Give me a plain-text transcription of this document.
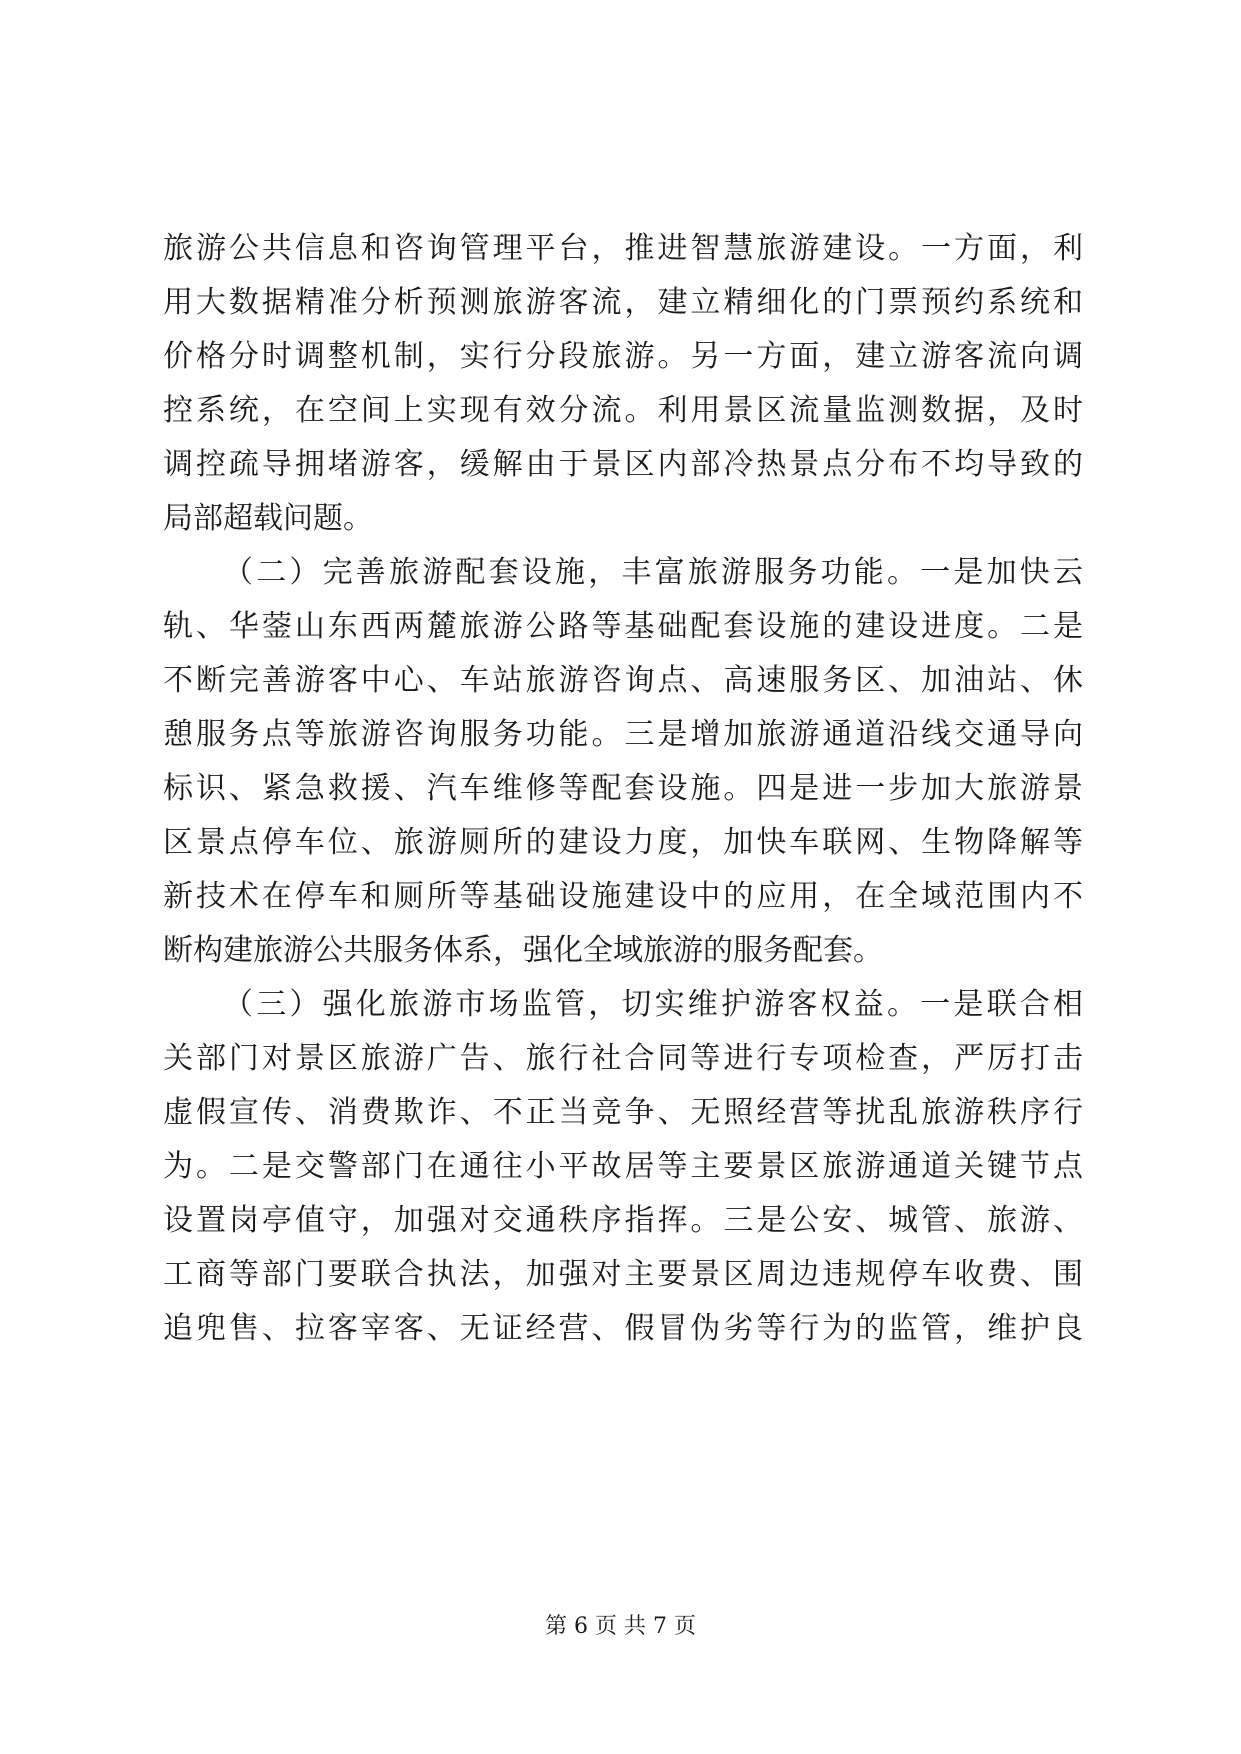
旅游公共信息和咨询管理平台，推进智慧旅游建设。一方面，利
用大数据精准分析预测旅游客流，建立精细化的门票预约系统和
价格分时调整机制，实行分段旅游。另一方面，建立游客流向调
控系统，在空间上实现有效分流。利用景区流量监测数据，及时
调控疏导拥堵游客，缓解由于景区内部冷热景点分布不均导致的
局部超载问题。
（二）完善旅游配套设施，丰富旅游服务功能。一是加快云
轨、华蓥山东西两麓旅游公路等基础配套设施的建设进度。二是
不断完善游客中心、车站旅游咨询点、高速服务区、加油站、休
憩服务点等旅游咨询服务功能。三是增加旅游通道沿线交通导向
标识、紧急救援、汽车维修等配套设施。四是进一步加大旅游景
区景点停车位、旅游厕所的建设力度，加快车联网、生物降解等
新技术在停车和厕所等基础设施建设中的应用，在全域范围内不
断构建旅游公共服务体系，强化全域旅游的服务配套。
（三）强化旅游市场监管，切实维护游客权益。一是联合相
关部门对景区旅游广告、旅行社合同等进行专项检查，严厉打击
虚假宣传、消费欺诈、不正当竞争、无照经营等扰乱旅游秩序行
为。二是交警部门在通往小平故居等主要景区旅游通道关键节点
设置岗亭值守，加强对交通秩序指挥。三是公安、城管、旅游、
工商等部门要联合执法，加强对主要景区周边违规停车收费、围
追兜售、拉客宰客、无证经营、假冒伪劣等行为的监管，维护良
第 6 页 共 7 页
